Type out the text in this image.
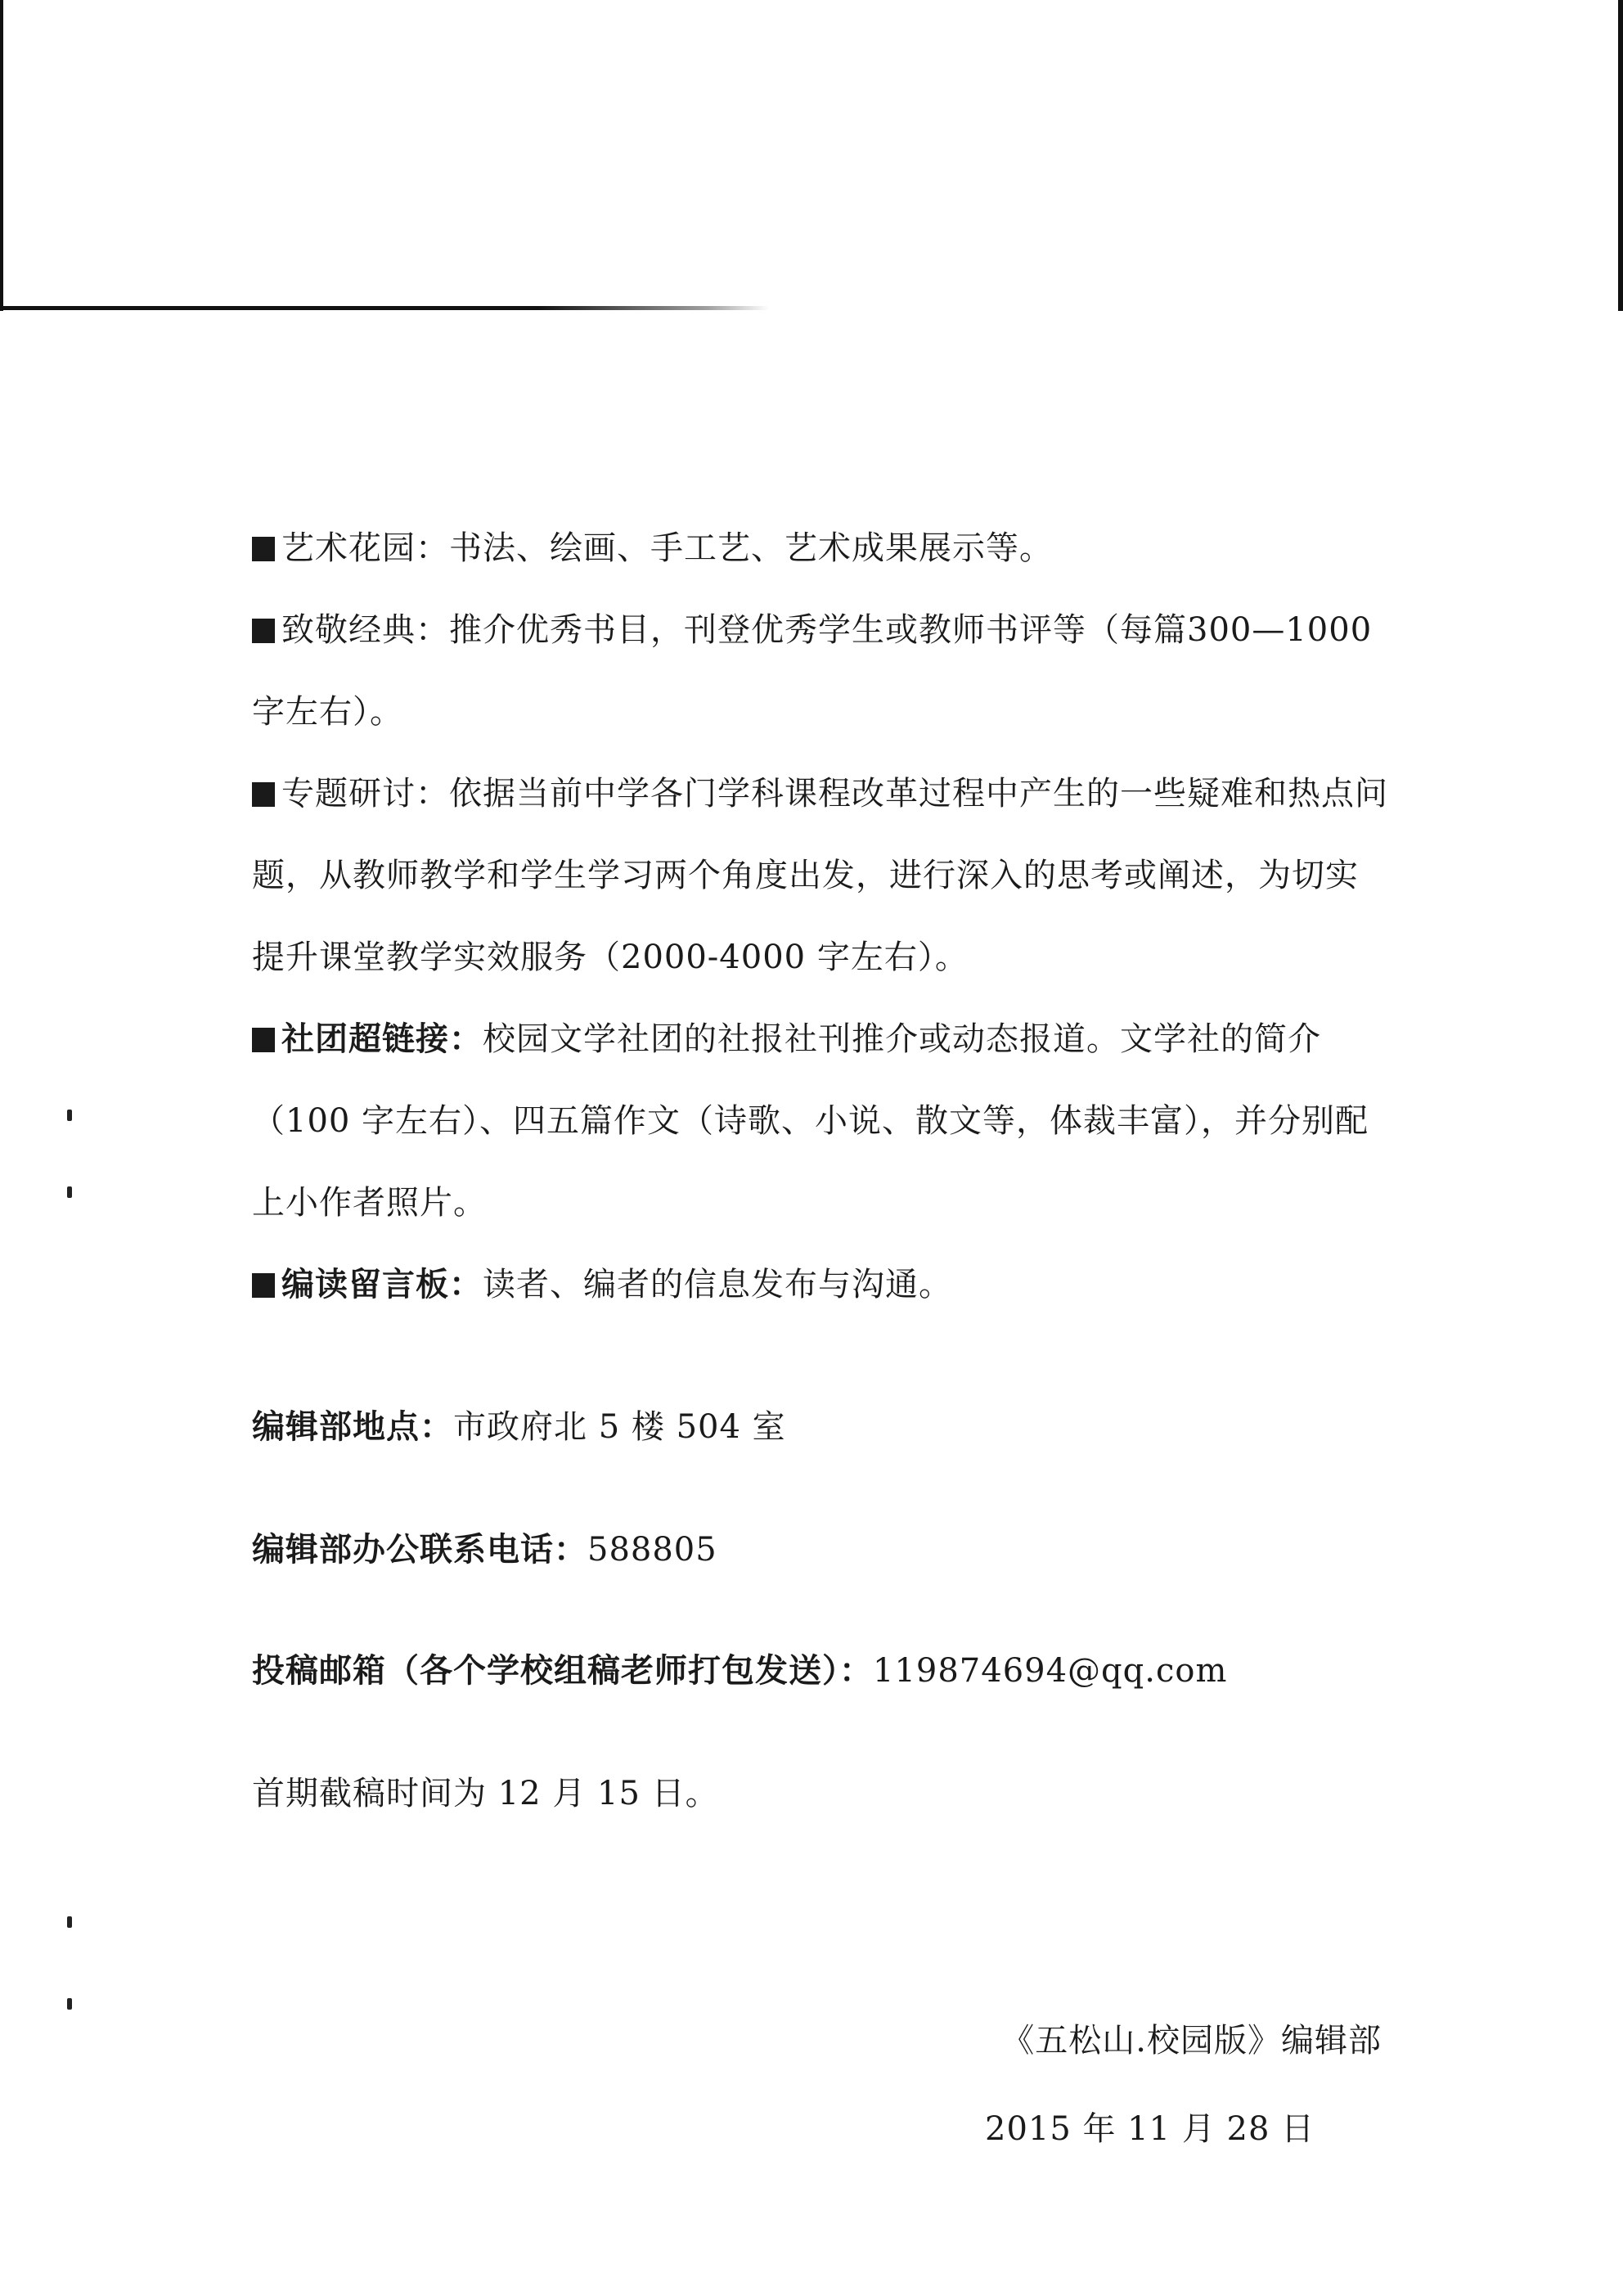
艺术花园：书法、绘画、手工艺、艺术成果展示等。

致敬经典：推介优秀书目，刊登优秀学生或教师书评等（每篇300—1000字左右）。

专题研讨：依据当前中学各门学科课程改革过程中产生的一些疑难和热点问题，从教师教学和学生学习两个角度出发，进行深入的思考或阐述，为切实提升课堂教学实效服务（2000-4000 字左右）。

社团超链接：校园文学社团的社报社刊推介或动态报道。文学社的简介（100 字左右）、四五篇作文（诗歌、小说、散文等，体裁丰富），并分别配上小作者照片。

编读留言板：读者、编者的信息发布与沟通。

编辑部地点：市政府北 5 楼 504 室

编辑部办公联系电话：588805

投稿邮箱（各个学校组稿老师打包发送）：119874694@qq.com

首期截稿时间为 12 月 15 日。

《五松山.校园版》编辑部

2015 年 11 月 28 日
